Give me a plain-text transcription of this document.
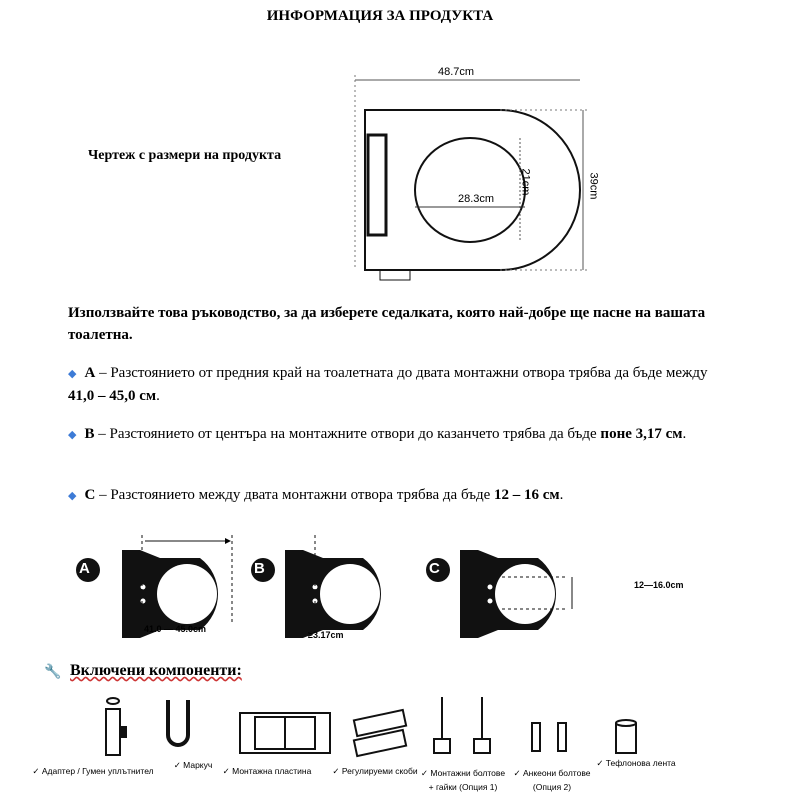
ИНФОРМАЦИЯ ЗА ПРОДУКТА
Чертеж с размери на продукта
48.7cm
28.3cm
21cm	39cm
Използвайте това ръководство, за да изберете седалката, която най-добре ще пасне на вашата тоалетна.
◆ A – Разстоянието от предния край на тоалетната до двата монтажни отвора трябва да бъде между 41,0 – 45,0 см.
◆ B – Разстоянието от центъра на монтажните отвори до казанчето трябва да бъде поне 3,17 см.
◆ C – Разстоянието между двата монтажни отвора трябва да бъде 12 – 16 см.
A	B	C
41.0 — 45.0cm
≥3.17cm
12—16.0cm
🔧 Включени компоненти:
✓ Адаптер / Гумен уплътнител
✓ Маркуч
✓ Монтажна пластина ✓ Регулируеми скоби ✓ Монтажни болтове + гайки (Опция 1)
✓ Анкеони болтове (Опция 2)
✓ Тефлонова лента
